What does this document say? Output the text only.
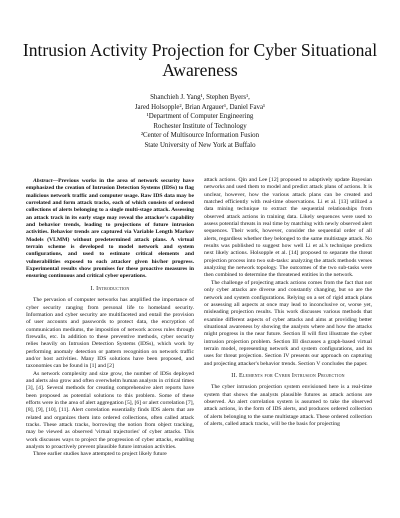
Intrusion Activity Projection for Cyber Situational Awareness
Shanchieh J. Yang¹, Stephen Byers¹,
Jared Holsopple², Brian Argauer¹, Daniel Fava¹
¹Department of Computer Engineering
Rochester Institute of Technology
²Center of Multisource Information Fusion
State University of New York at Buffalo

Abstract—Previous works in the area of network security have emphasized the creation of Intrusion Detection Systems (IDSs) to flag malicious network traffic and computer usage. Raw IDS data may be correlated and form attack tracks, each of which consists of ordered collections of alerts belonging to a single multi-stage attack. Assessing an attack track in its early stage may reveal the attacker's capability and behavior trends, leading to projections of future intrusion activities. Behavior trends are captured via Variable Length Markov Models (VLMM) without predetermined attack plans. A virtual terrain scheme is developed to model network and system configurations, and used to estimate critical elements and vulnerabilities exposed to each attacker given his/her progress. Experimental results show promises for these proactive measures in ensuring continuous and critical cyber operations.

I. Introduction

The pervasion of computer networks has amplified the importance of cyber security ranging from personal life to homeland security. Information and cyber security are multifaceted and entail the provision of user accounts and passwords to protect data, the encryption of communication mediums, the imposition of network access rules through firewalls, etc. In addition to these preventive methods, cyber security relies heavily on Intrusion Detection Systems (IDSs), which work by performing anomaly detection or pattern recognition on network traffic and/or host activities. Many IDS solutions have been proposed, and taxonomies can be found in [1] and [2]

As network complexity and size grow, the number of IDSs deployed and alerts also grow and often overwhelm human analysts in critical times [3], [4]. Several methods for creating comprehensive alert reports have been proposed as potential solutions to this problem. Some of these efforts were in the area of alert aggregation [5], [6] or alert correlation [7], [8], [9], [10], [11]. Alert correlation essentially finds IDS alerts that are related and organizes them into ordered collections, often called attack tracks. These attack tracks, borrowing the notion from object tracking, may be viewed as observed 'virtual trajectories' of cyber attacks. This work discusses ways to project the progression of cyber attacks, enabling analysts to proactively prevent plausible future intrusion activities.

Three earlier studies have attempted to project likely future

attack actions. Qin and Lee [12] proposed to adaptively update Bayesian networks and used them to model and predict attack plans of actions. It is unclear, however, how the various attack plans can be created and matched efficiently with real-time observations. Li et al. [13] utilized a data mining technique to extract the sequential relationships from observed attack actions in training data. Likely sequences were used to assess potential threats in real time by matching with newly observed alert sequences. Their work, however, consider the sequential order of all alerts, regardless whether they belonged to the same multistage attack. No results was published to suggest how well Li et al.'s technique predicts next likely actions. Holsopple et al. [14] proposed to separate the threat projection process into two sub-tasks: analyzing the attack methods verses analyzing the network topology. The outcomes of the two sub-tasks were then combined to determine the threatened entities in the network.

The challenge of projecting attack actions comes from the fact that not only cyber attacks are diverse and constantly changing, but so are the network and system configurations. Relying on a set of rigid attack plans or assessing all aspects at once may lead to inconclusive or, worse yet, misleading projection results. This work discusses various methods that examine different aspects of cyber attacks and aims at providing better situational awareness by showing the analysts where and how the attacks might progress in the near future. Section II will first illustrate the cyber intrusion projection problem. Section III discusses a graph-based virtual terrain model, representing network and system configurations, and its uses for threat projection. Section IV presents our approach on capturing and projecting attacker's behavior trends. Section V concludes the paper.

II. Elements for Cyber Intrusion Projection

The cyber intrusion projection system envisioned here is a real-time system that shows the analysts plausible futures as attack actions are observed. An alert correlation system is assumed to take the observed attack actions, in the form of IDS alerts, and produces ordered collection of alerts belonging to the same multistage attack. These ordered collection of alerts, called attack tracks, will be the basis for projecting
